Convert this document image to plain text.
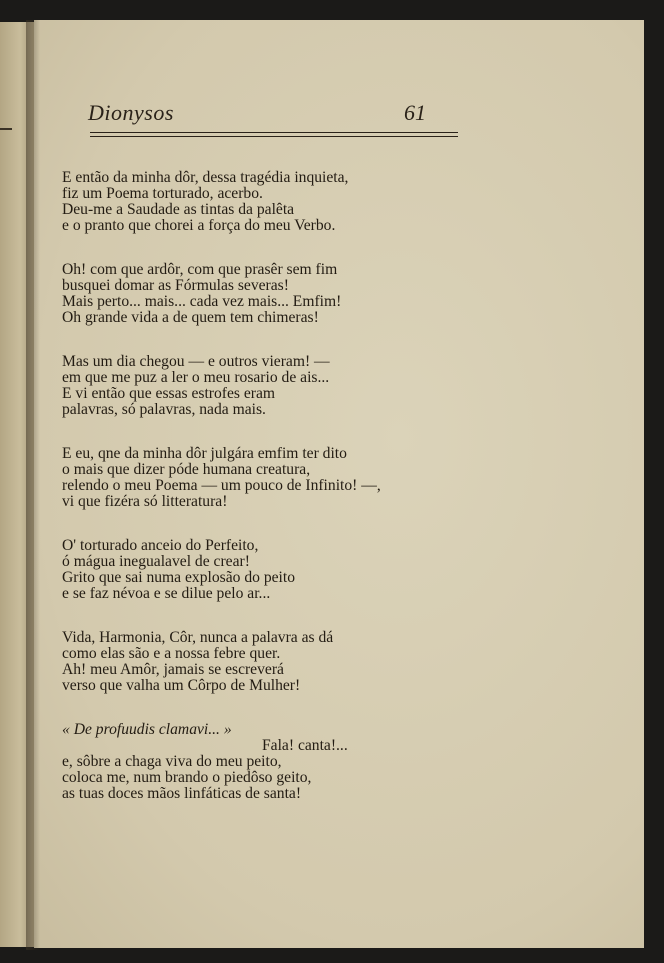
Dionysos	61
E então da minha dôr, dessa tragédia inquieta,
fiz um Poema torturado, acerbo.
Deu-me a Saudade as tintas da palêta
e o pranto que chorei a força do meu Verbo.
Oh! com que ardôr, com que prasêr sem fim
busquei domar as Fórmulas severas!
Mais perto... mais... cada vez mais... Emfim!
Oh grande vida a de quem tem chimeras!
Mas um dia chegou — e outros vieram! —
em que me puz a ler o meu rosario de ais...
E vi então que essas estrofes eram
palavras, só palavras, nada mais.
E eu, qne da minha dôr julgára emfim ter dito
o mais que dizer póde humana creatura,
relendo o meu Poema — um pouco de Infinito! —,
vi que fizéra só litteratura!
O' torturado anceio do Perfeito,
ó mágua inegualavel de crear!
Grito que sai numa explosão do peito
e se faz névoa e se dilue pelo ar...
Vida, Harmonia, Côr, nunca a palavra as dá
como elas são e a nossa febre quer.
Ah! meu Amôr, jamais se escreverá
verso que valha um Côrpo de Mulher!
« De profuudis clamavi... »
Fala! canta!...
e, sôbre a chaga viva do meu peito,
coloca me, num brando o piedôso geito,
as tuas doces mãos linfáticas de santa!
